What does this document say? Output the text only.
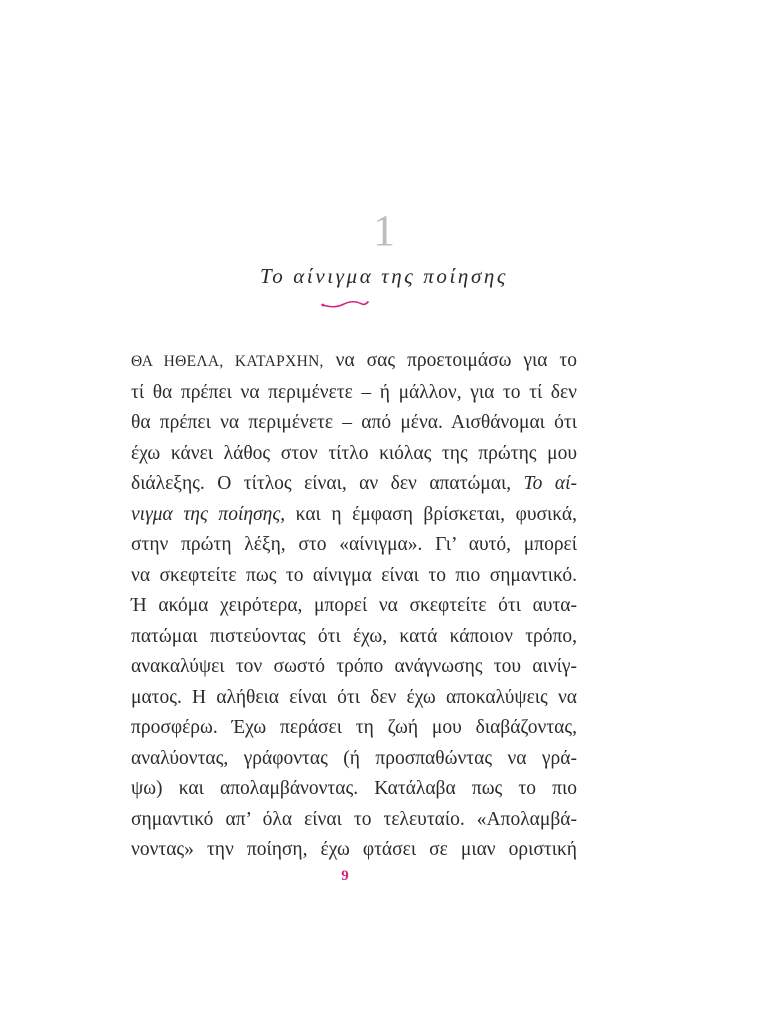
1
Το αίνιγμα της ποίησης

ΘΑ ΗΘΕΛΑ, ΚΑΤΑΡΧΗΝ, να σας προετοιμάσω για το
τί θα πρέπει να περιμένετε – ή μάλλον, για το τί δεν
θα πρέπει να περιμένετε – από μένα. Αισθάνομαι ότι
έχω κάνει λάθος στον τίτλο κιόλας της πρώτης μου
διάλεξης. Ο τίτλος είναι, αν δεν απατώμαι, Το αί-
νιγμα της ποίησης, και η έμφαση βρίσκεται, φυσικά,
στην πρώτη λέξη, στο «αίνιγμα». Γι’ αυτό, μπορεί
να σκεφτείτε πως το αίνιγμα είναι το πιο σημαντικό.
Ή ακόμα χειρότερα, μπορεί να σκεφτείτε ότι αυτα-
πατώμαι πιστεύοντας ότι έχω, κατά κάποιον τρόπο,
ανακαλύψει τον σωστό τρόπο ανάγνωσης του αινίγ-
ματος. Η αλήθεια είναι ότι δεν έχω αποκαλύψεις να
προσφέρω. Έχω περάσει τη ζωή μου διαβάζοντας,
αναλύοντας, γράφοντας (ή προσπαθώντας να γρά-
ψω) και απολαμβάνοντας. Κατάλαβα πως το πιο
σημαντικό απ’ όλα είναι το τελευταίο. «Απολαμβά-
νοντας» την ποίηση, έχω φτάσει σε μιαν οριστική

9
